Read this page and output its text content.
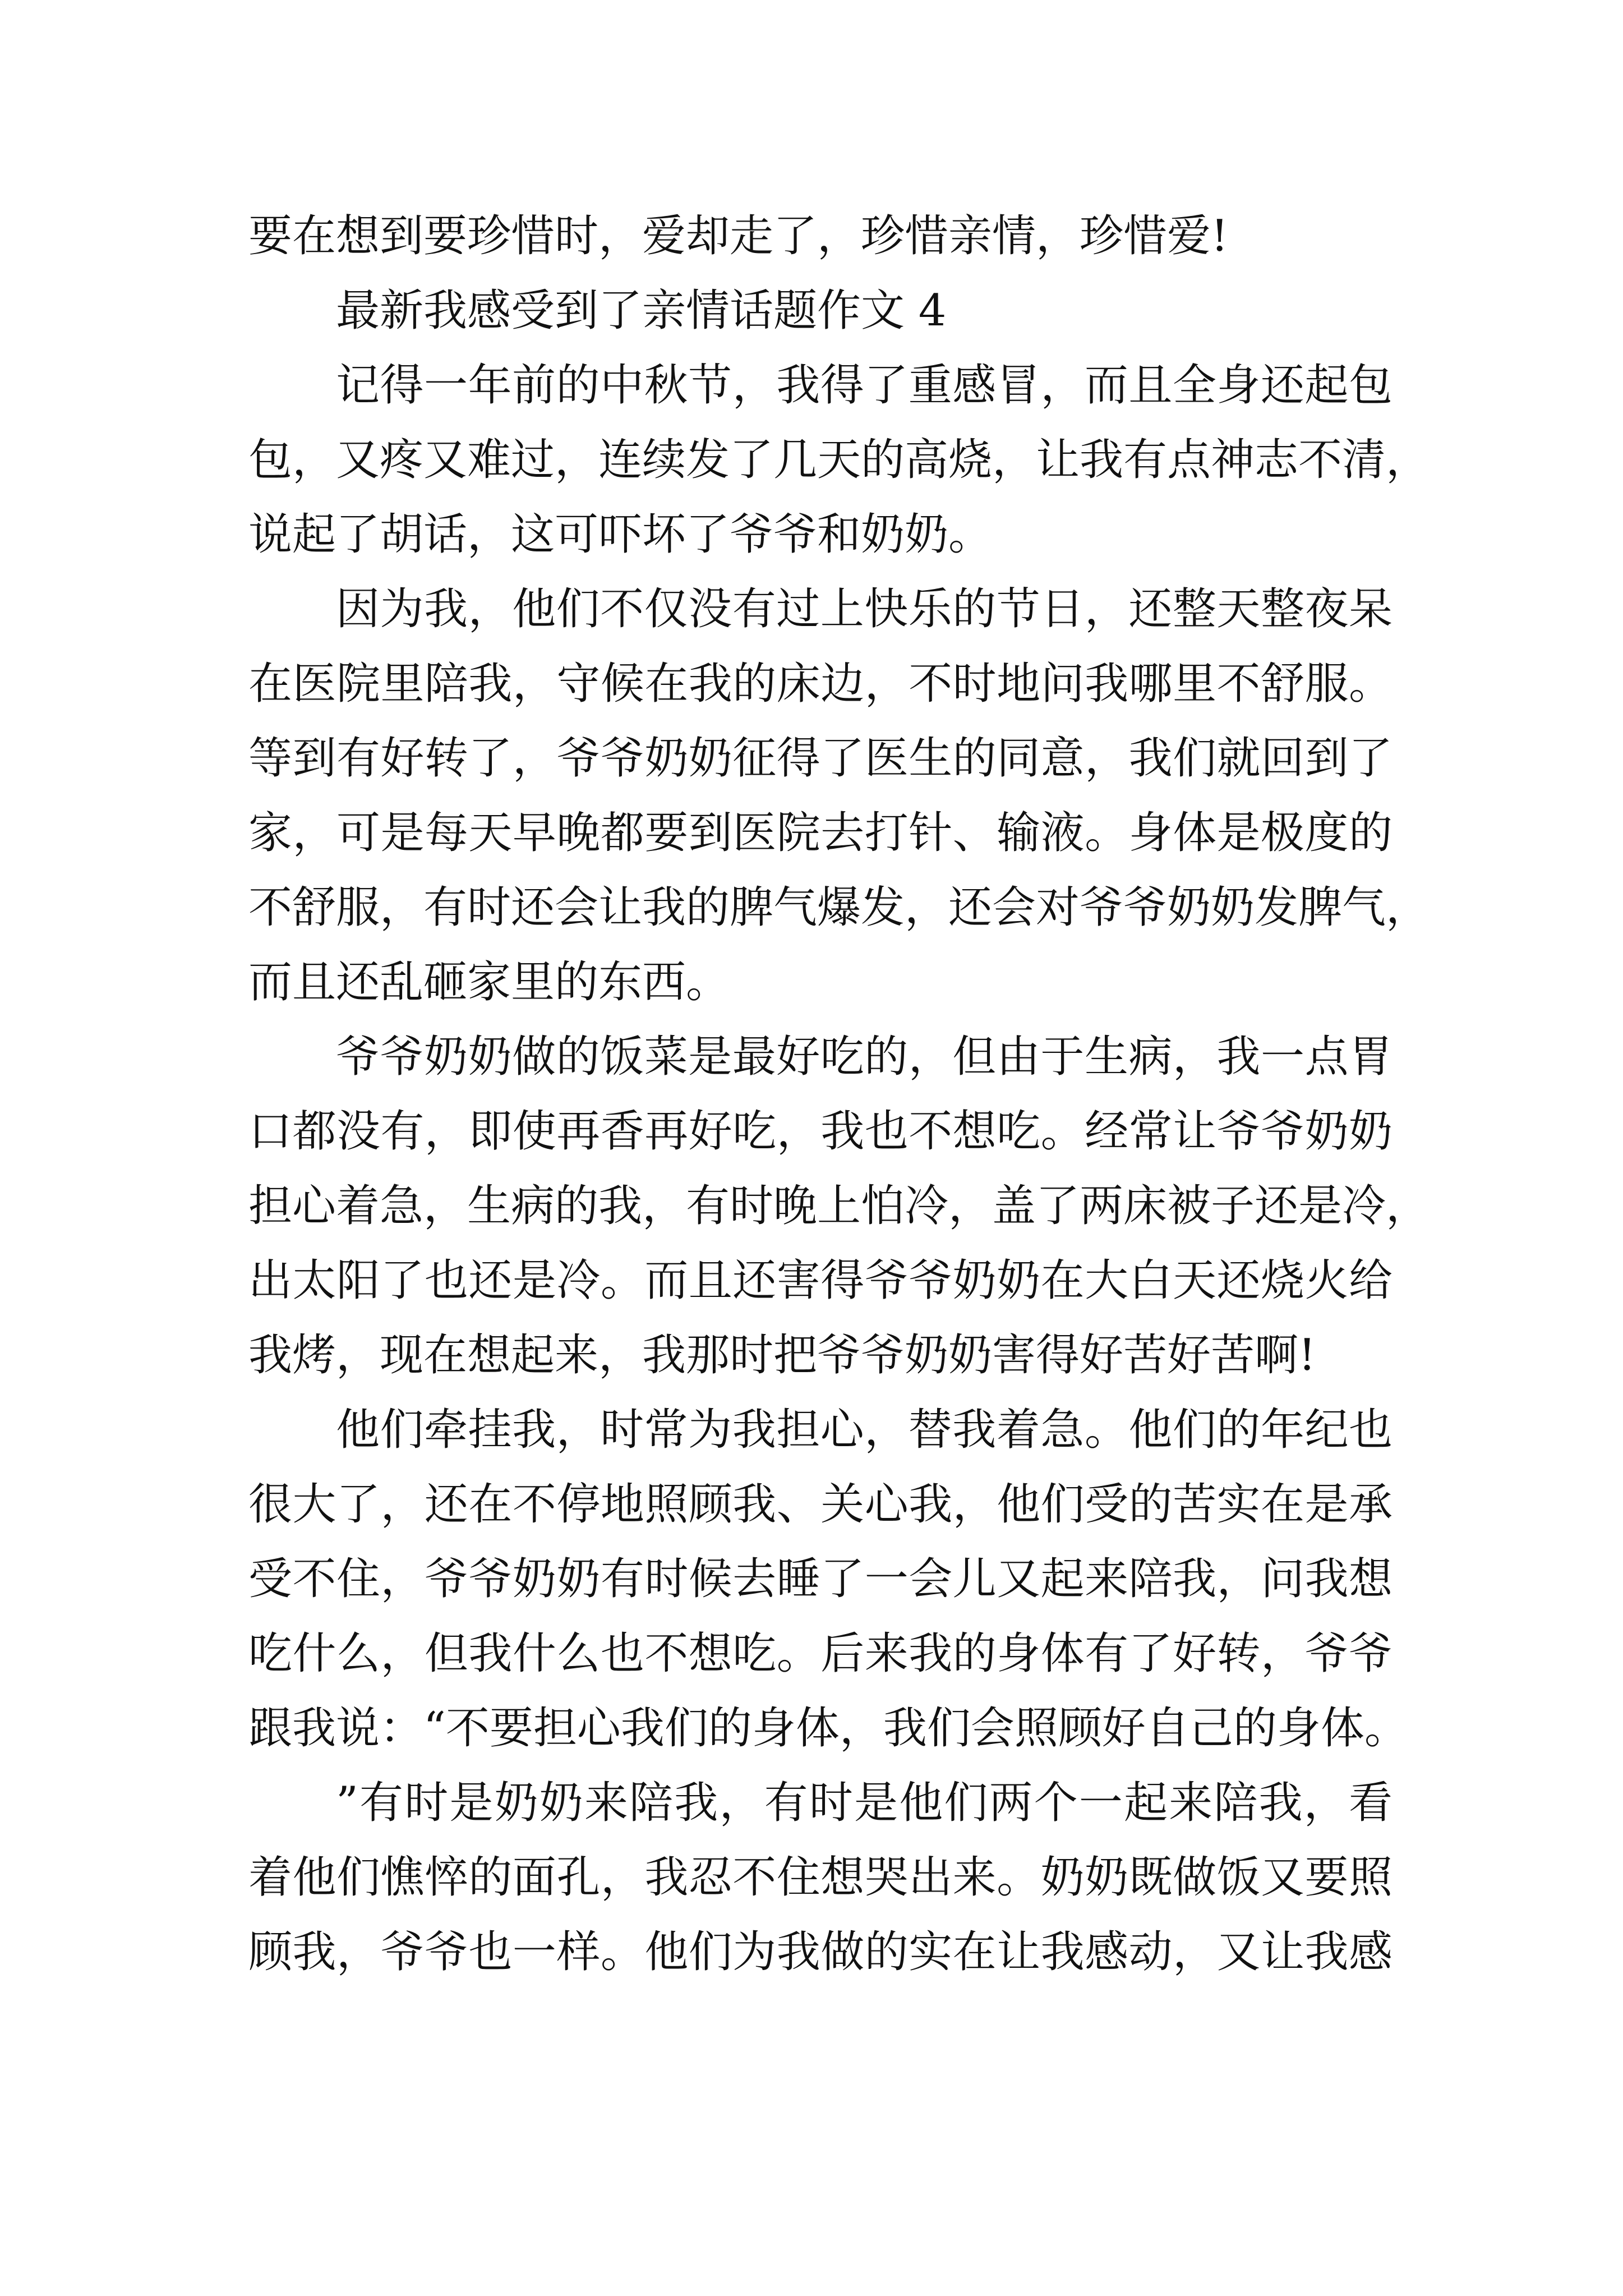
要在想到要珍惜时，爱却走了，珍惜亲情，珍惜爱!
最新我感受到了亲情话题作文 4
记得一年前的中秋节，我得了重感冒，而且全身还起包
包，又疼又难过，连续发了几天的高烧，让我有点神志不清，
说起了胡话，这可吓坏了爷爷和奶奶。
因为我，他们不仅没有过上快乐的节日，还整天整夜呆
在医院里陪我，守候在我的床边，不时地问我哪里不舒服。
等到有好转了，爷爷奶奶征得了医生的同意，我们就回到了
家，可是每天早晚都要到医院去打针、输液。身体是极度的
不舒服，有时还会让我的脾气爆发，还会对爷爷奶奶发脾气，
而且还乱砸家里的东西。
爷爷奶奶做的饭菜是最好吃的，但由于生病，我一点胃
口都没有，即使再香再好吃，我也不想吃。经常让爷爷奶奶
担心着急，生病的我，有时晚上怕冷，盖了两床被子还是冷，
出太阳了也还是冷。而且还害得爷爷奶奶在大白天还烧火给
我烤，现在想起来，我那时把爷爷奶奶害得好苦好苦啊!
他们牵挂我，时常为我担心，替我着急。他们的年纪也
很大了，还在不停地照顾我、关心我，他们受的苦实在是承
受不住，爷爷奶奶有时候去睡了一会儿又起来陪我，问我想
吃什么，但我什么也不想吃。后来我的身体有了好转，爷爷
跟我说：“不要担心我们的身体，我们会照顾好自己的身体。
”有时是奶奶来陪我，有时是他们两个一起来陪我，看
着他们憔悴的面孔，我忍不住想哭出来。奶奶既做饭又要照
顾我，爷爷也一样。他们为我做的实在让我感动，又让我感
